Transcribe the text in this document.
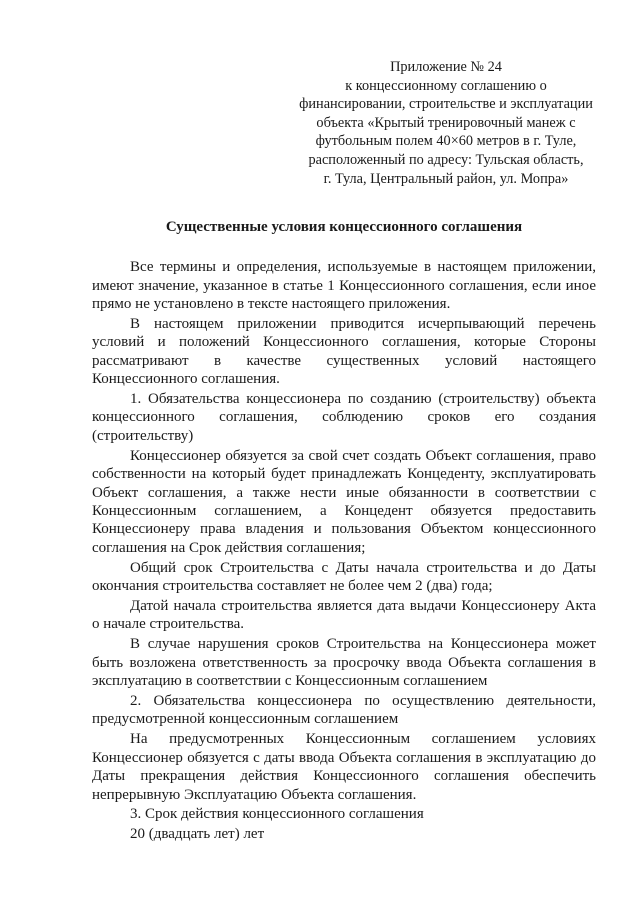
Приложение № 24
к концессионному соглашению о
финансировании, строительстве и эксплуатации
объекта «Крытый тренировочный манеж с
футбольным полем 40×60 метров в г. Туле,
расположенный по адресу: Тульская область,
г. Тула, Центральный район, ул. Мопра»
Существенные условия концессионного соглашения

Все термины и определения, используемые в настоящем приложении, имеют значение, указанное в статье 1 Концессионного соглашения, если иное прямо не установлено в тексте настоящего приложения.

В настоящем приложении приводится исчерпывающий перечень условий и положений Концессионного соглашения, которые Стороны рассматривают в качестве существенных условий настоящего Концессионного соглашения.

1. Обязательства концессионера по созданию (строительству) объекта концессионного соглашения, соблюдению сроков его создания (строительству)

Концессионер обязуется за свой счет создать Объект соглашения, право собственности на который будет принадлежать Концеденту, эксплуатировать Объект соглашения, а также нести иные обязанности в соответствии с Концессионным соглашением, а Концедент обязуется предоставить Концессионеру права владения и пользования Объектом концессионного соглашения на Срок действия соглашения;

Общий срок Строительства с Даты начала строительства и до Даты окончания строительства составляет не более чем 2 (два) года;

Датой начала строительства является дата выдачи Концессионеру Акта о начале строительства.

В случае нарушения сроков Строительства на Концессионера может быть возложена ответственность за просрочку ввода Объекта соглашения в эксплуатацию в соответствии с Концессионным соглашением

2. Обязательства концессионера по осуществлению деятельности, предусмотренной концессионным соглашением

На предусмотренных Концессионным соглашением условиях Концессионер обязуется с даты ввода Объекта соглашения в эксплуатацию до Даты прекращения действия Концессионного соглашения обеспечить непрерывную Эксплуатацию Объекта соглашения.

3. Срок действия концессионного соглашения

20 (двадцать лет) лет
